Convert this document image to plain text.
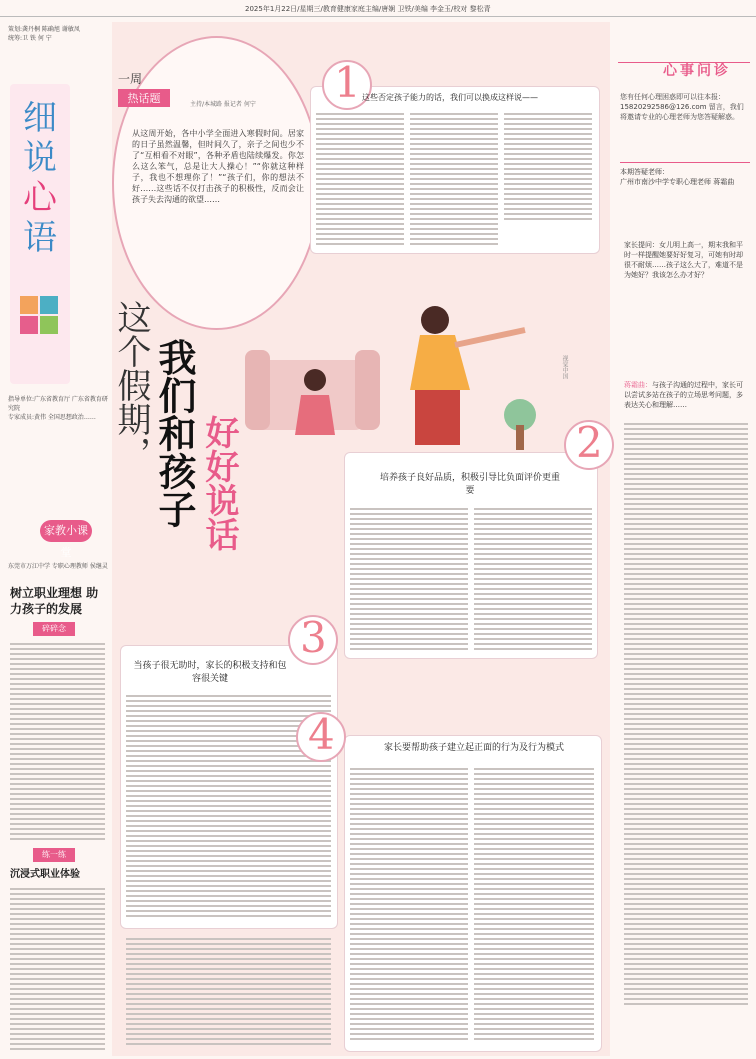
2025年1月22日/星期三/教育健康家庭主编/唐娴 卫铁/美编 李金玉/校对 黎松青
策划:龚丹桐 陈确旭 谢敏凤
统筹:卫 铁 何 宁
细
说
心
语
指导单位:广东省教育厅 广东省教育研究院
专家成员:黄伟 全国思想政治……
家教小课堂
东莞市万江中学 专职心理教师 侯继灵
树立职业理想 助力孩子的发展
碎碎念
练一练
沉浸式职业体验
一周
热话题	主持/本城路 报记者 何宁
从这周开始，各中小学全面进入寒假时间。居家的日子虽然温馨，但时间久了，亲子之间也少不了“互相看不对眼”，各种矛盾也陆续爆发。你怎么这么笨气，总是让大人操心！”“你就这种样子，我也不想理你了！”“孩子们，你的想法不好……这些话不仅打击孩子的积极性，反而会让孩子失去沟通的欲望……
1 这些否定孩子能力的话，我们可以换成这样说——
这个假期， 我们和孩子 好好说话
视觉中国
2
培养孩子良好品质，积极引导比负面评价更重要
3
当孩子很无助时，家长的积极支持和包容很关键
4	家长要帮助孩子建立起正面的行为及行为模式
心事问诊
您有任何心理困惑即可以往本报：15820292586@126.com 留言，我们将邀请专业的心理老师为您答疑解惑。
本期答疑老师：
广州市南沙中学专职心理老师 蒋霜曲
家长提问：女儿明上高一，期末我和平时一样提醒她要好好复习，可她有时却很不耐烦……孩子这么大了，难道不是为她好？我该怎么办才好？
蒋霜曲：与孩子沟通的过程中，家长可以尝试多站在孩子的立场思考问题，多表达关心和理解……
